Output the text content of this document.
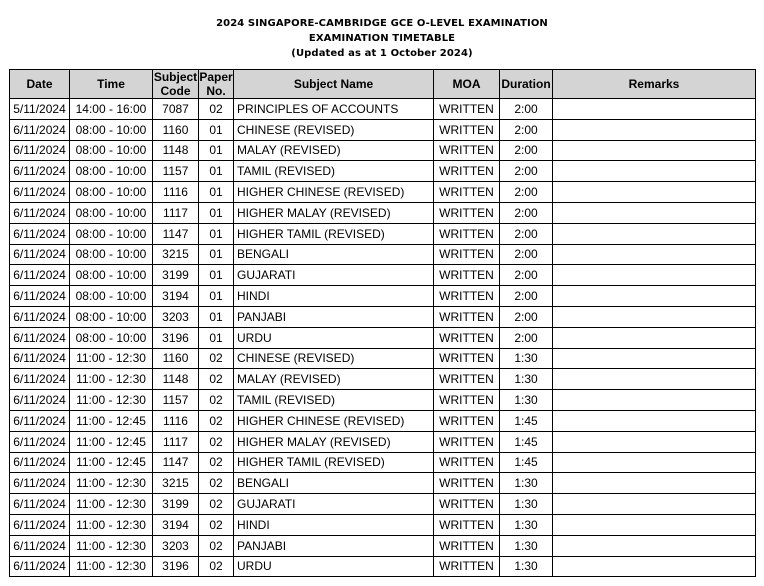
2024 SINGAPORE-CAMBRIDGE GCE O-LEVEL EXAMINATION
EXAMINATION TIMETABLE
(Updated as at 1 October 2024)
Date	Time	Subject Code	Paper No.	Subject Name	MOA	Duration	Remarks
5/11/2024	14:00 - 16:00	7087	02	PRINCIPLES OF ACCOUNTS	WRITTEN	2:00	
6/11/2024	08:00 - 10:00	1160	01	CHINESE (REVISED)	WRITTEN	2:00	
6/11/2024	08:00 - 10:00	1148	01	MALAY (REVISED)	WRITTEN	2:00	
6/11/2024	08:00 - 10:00	1157	01	TAMIL (REVISED)	WRITTEN	2:00	
6/11/2024	08:00 - 10:00	1116	01	HIGHER CHINESE (REVISED)	WRITTEN	2:00	
6/11/2024	08:00 - 10:00	1117	01	HIGHER MALAY (REVISED)	WRITTEN	2:00	
6/11/2024	08:00 - 10:00	1147	01	HIGHER TAMIL (REVISED)	WRITTEN	2:00	
6/11/2024	08:00 - 10:00	3215	01	BENGALI	WRITTEN	2:00	
6/11/2024	08:00 - 10:00	3199	01	GUJARATI	WRITTEN	2:00	
6/11/2024	08:00 - 10:00	3194	01	HINDI	WRITTEN	2:00	
6/11/2024	08:00 - 10:00	3203	01	PANJABI	WRITTEN	2:00	
6/11/2024	08:00 - 10:00	3196	01	URDU	WRITTEN	2:00	
6/11/2024	11:00 - 12:30	1160	02	CHINESE (REVISED)	WRITTEN	1:30	
6/11/2024	11:00 - 12:30	1148	02	MALAY (REVISED)	WRITTEN	1:30	
6/11/2024	11:00 - 12:30	1157	02	TAMIL (REVISED)	WRITTEN	1:30	
6/11/2024	11:00 - 12:45	1116	02	HIGHER CHINESE (REVISED)	WRITTEN	1:45	
6/11/2024	11:00 - 12:45	1117	02	HIGHER MALAY (REVISED)	WRITTEN	1:45	
6/11/2024	11:00 - 12:45	1147	02	HIGHER TAMIL (REVISED)	WRITTEN	1:45	
6/11/2024	11:00 - 12:30	3215	02	BENGALI	WRITTEN	1:30	
6/11/2024	11:00 - 12:30	3199	02	GUJARATI	WRITTEN	1:30	
6/11/2024	11:00 - 12:30	3194	02	HINDI	WRITTEN	1:30	
6/11/2024	11:00 - 12:30	3203	02	PANJABI	WRITTEN	1:30	
6/11/2024	11:00 - 12:30	3196	02	URDU	WRITTEN	1:30	
